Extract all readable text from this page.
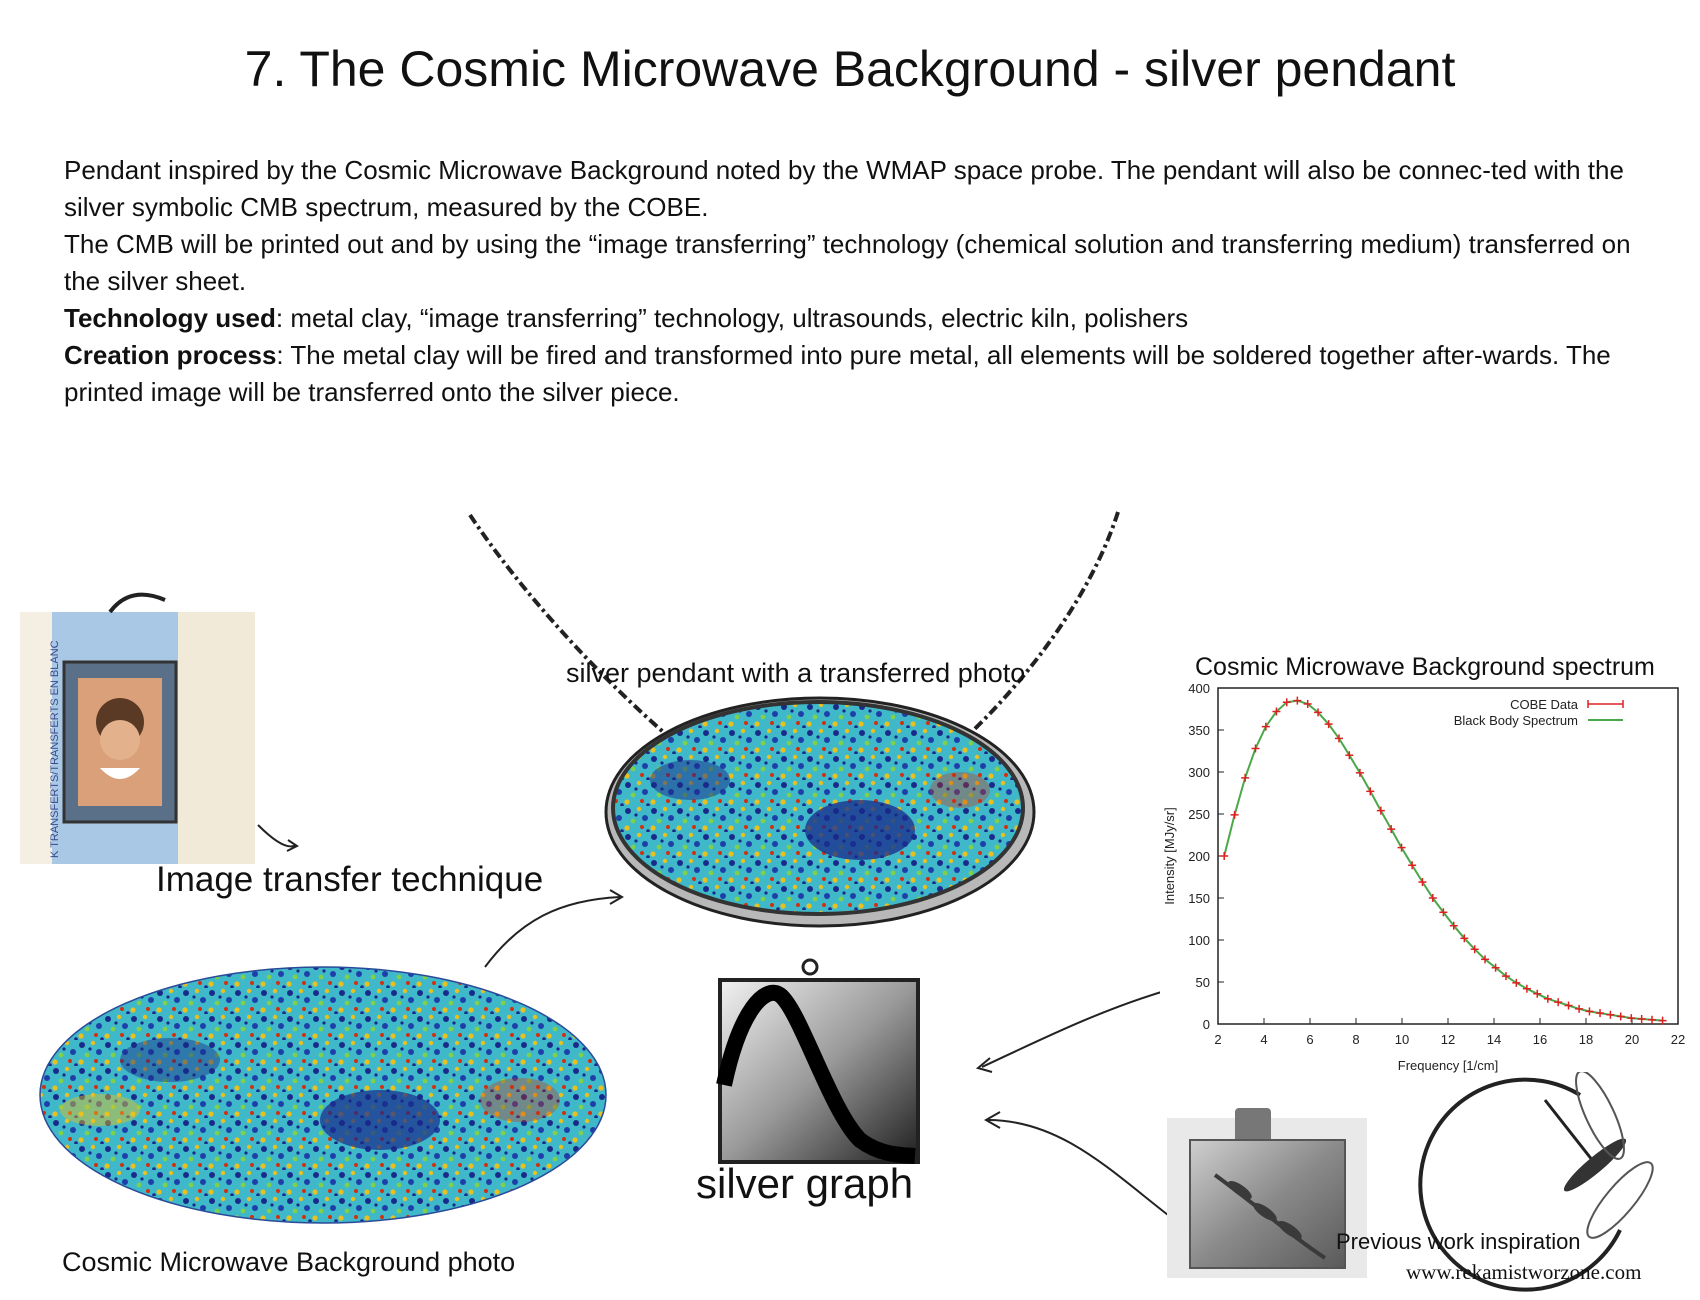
7. The Cosmic Microwave Background - silver pendant

Pendant inspired by the Cosmic Microwave Background noted by the WMAP space probe. The pendant will also be connec-ted with the silver symbolic CMB spectrum, measured by the COBE.

The CMB will be printed out and by using the “image transferring” technology (chemical solution and transferring medium) transferred on the silver sheet.

Technology used: metal clay, “image transferring” technology, ultrasounds, electric kiln, polishers

Creation process: The metal clay will be fired and transformed into pure metal, all elements will be soldered together after-wards. The printed image will be transferred onto the silver piece.

K TRANSFERTS/TRANSFERTS EN BLANC	Cosmic Microwave Background spectrum
2	4	6	8	10 12 14 16 18 20 22
0
50
100
150
200
250
300
350
400
Frequency [1/cm]
Intensity [MJy/sr]
COBE Data
Black Body Spectrum
silver pendant with a transferred photo
Image transfer technique
Cosmic Microwave Background photo
silver graph
Previous work inspiration
www.rekamistworzone.com
